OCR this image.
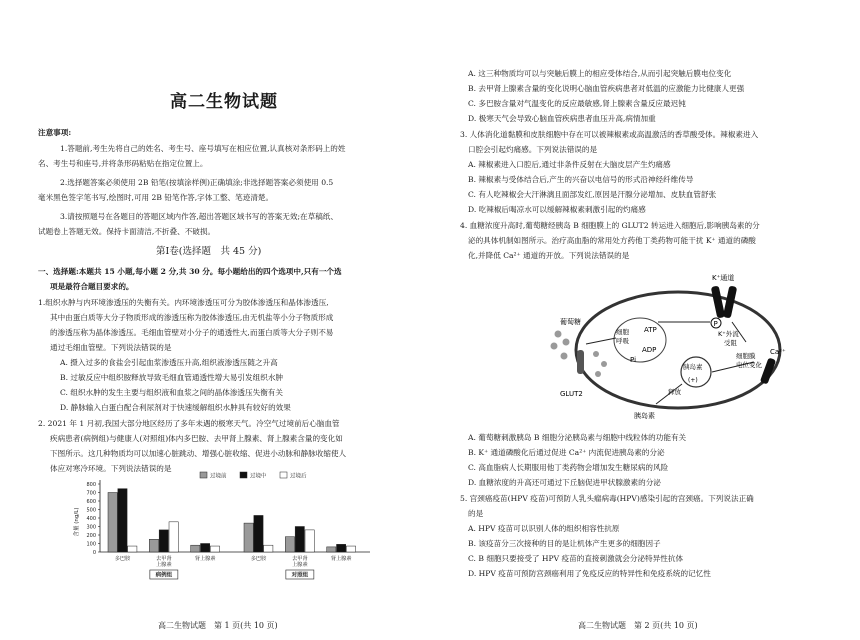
高二生物试题
注意事项:
1.答题前,考生先将自己的姓名、考生号、座号填写在相应位置,认真核对条形码上的姓
名、考生号和座号,并将条形码粘贴在指定位置上。
2.选择题答案必须使用 2B 铅笔(按填涂样例)正确填涂;非选择题答案必须使用 0.5
毫米黑色签字笔书写,绘图时,可用 2B 铅笔作答,字体工整、笔迹清楚。
3.请按照题号在各题目的答题区域内作答,超出答题区域书写的答案无效;在草稿纸、
试题卷上答题无效。保持卡面清洁,不折叠、不破损。
第Ⅰ卷(选择题　共 45 分)
一、选择题:本题共 15 小题,每小题 2 分,共 30 分。每小题给出的四个选项中,只有一个选
项是最符合题目要求的。
1.组织水肿与内环境渗透压的失衡有关。内环境渗透压可分为胶体渗透压和晶体渗透压,
其中由蛋白质等大分子物质形成的渗透压称为胶体渗透压,由无机盐等小分子物质形成
的渗透压称为晶体渗透压。毛细血管壁对小分子的通透性大,而蛋白质等大分子则不易
通过毛细血管壁。下列说法错误的是
A. 摄入过多的食盐会引起血浆渗透压升高,组织液渗透压随之升高
B. 过敏反应中组织胺释放导致毛细血管通透性增大易引发组织水肿
C. 组织水肿的发生主要与组织液和血浆之间的晶体渗透压失衡有关
D. 静脉输入白蛋白配合利尿剂对于快速缓解组织水肿具有较好的效果
2. 2021 年 1 月初,我国大部分地区经历了多年未遇的极寒天气。冷空气过境前后心脑血管
疾病患者(病例组)与健康人(对照组)体内多巴胺、去甲肾上腺素、肾上腺素含量的变化如
下图所示。这几种物质均可以加速心脏跳动、增强心脏收缩、促进小动脉和静脉收缩使人
体应对寒冷环境。下列说法错误的是
0
100
200
300
400
500
600
700
800
含量 (ng/L)
过境前	过境中	过境后
多巴胺	去甲肾
上腺素
肾上腺素	多巴胺	去甲肾
上腺素
肾上腺素
病例组	对照组
高二生物试题　第 1 页(共 10 页)
A. 这三种物质均可以与突触后膜上的相应受体结合,从而引起突触后膜电位变化
B. 去甲肾上腺素含量的变化说明心脑血管疾病患者对低温的应激能力比健康人更强
C. 多巴胺含量对气温变化的反应最敏感,肾上腺素含量反应最迟钝
D. 极寒天气会导致心脑血管疾病患者血压升高,病情加重
3. 人体消化道黏膜和皮肤细胞中存在可以被辣椒素或高温激活的香草酸受体。辣椒素进入
口腔会引起灼痛感。下列说法错误的是
A. 辣椒素进入口腔后,通过非条件反射在大脑皮层产生灼痛感
B. 辣椒素与受体结合后,产生的兴奋以电信号的形式沿神经纤维传导
C. 有人吃辣椒会大汗淋漓且面部发红,原因是汗腺分泌增加、皮肤血管舒张
D. 吃辣椒后喝凉水可以缓解辣椒素刺激引起的灼痛感
4. 血糖浓度升高时,葡萄糖经胰岛 B 细胞膜上的 GLUT2 转运进入细胞后,影响胰岛素的分
泌的具体机制如图所示。治疗高血脂的常用处方药他丁类药物可能干扰 K⁺ 通道的磷酸
化,并降低 Ca²⁺ 通道的开放。下列说法错误的是
P
葡萄糖
K⁺通道
ATP
ADP
Pi
细胞
呼吸
K⁺外流
受阻
细胞膜
电位变化
GLUT2
胰岛素
(+)
释放
Ca²⁺
胰岛素
A. 葡萄糖刺激胰岛 B 细胞分泌胰岛素与细胞中线粒体的功能有关
B. K⁺ 通道磷酸化后通过促进 Ca²⁺ 内流促进胰岛素的分泌
C. 高血脂病人长期服用他丁类药物会增加发生糖尿病的风险
D. 血糖浓度的升高还可通过下丘脑促进甲状腺激素的分泌
5. 宫颈癌疫苗(HPV 疫苗)可预防人乳头瘤病毒(HPV)感染引起的宫颈癌。下列说法正确
的是
A. HPV 疫苗可以识别人体的组织相容性抗原
B. 该疫苗分三次接种的目的是让机体产生更多的细胞因子
C. B 细胞只要接受了 HPV 疫苗的直接刺激就会分泌特异性抗体
D. HPV 疫苗可预防宫颈癌利用了免疫反应的特异性和免疫系统的记忆性
高二生物试题　第 2 页(共 10 页)
